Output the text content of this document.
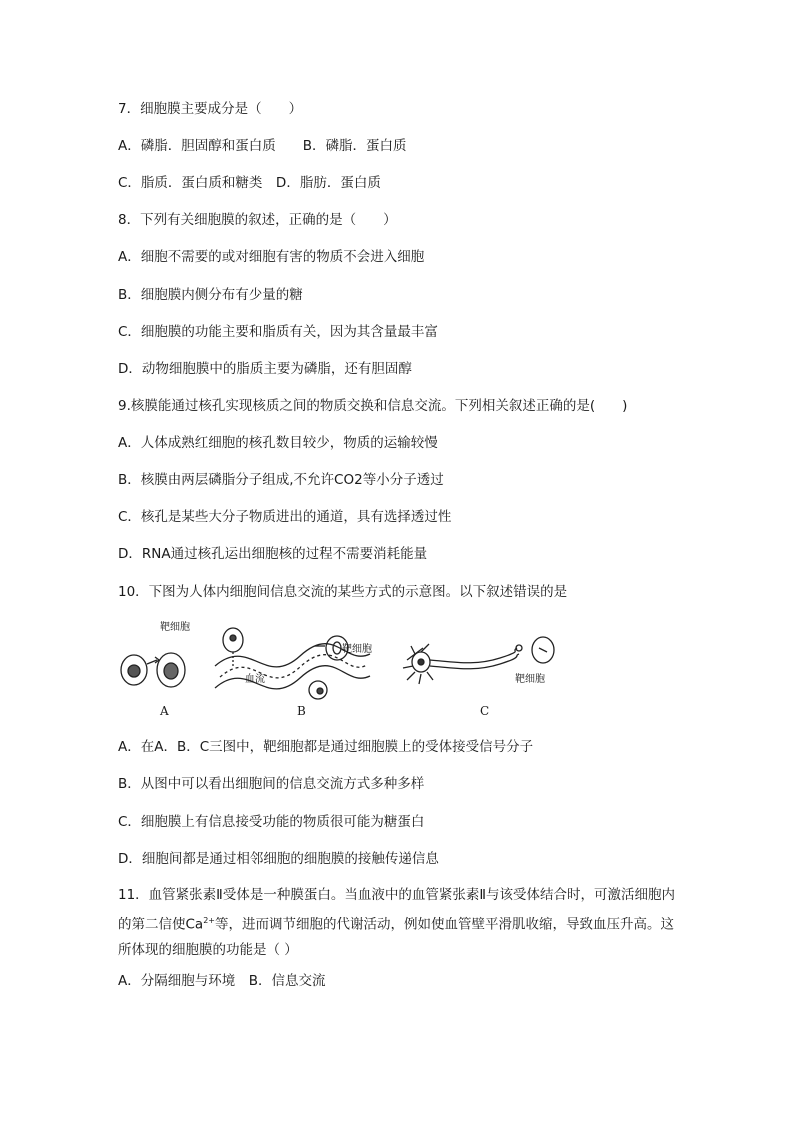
7．细胞膜主要成分是（　　）
A．磷脂．胆固醇和蛋白质　　B．磷脂．蛋白质
C．脂质．蛋白质和糖类　D．脂肪．蛋白质
8．下列有关细胞膜的叙述，正确的是（　　）
A．细胞不需要的或对细胞有害的物质不会进入细胞
B．细胞膜内侧分布有少量的糖
C．细胞膜的功能主要和脂质有关，因为其含量最丰富
D．动物细胞膜中的脂质主要为磷脂，还有胆固醇
9.核膜能通过核孔实现核质之间的物质交换和信息交流。下列相关叙述正确的是(　　)
A．人体成熟红细胞的核孔数目较少，物质的运输较慢
B．核膜由两层磷脂分子组成,不允许CO2等小分子透过
C．核孔是某些大分子物质进出的通道，具有选择透过性
D．RNA通过核孔运出细胞核的过程不需要消耗能量
10．下图为人体内细胞间信息交流的某些方式的示意图。以下叙述错误的是
靶细胞
靶细胞
血流	靶细胞
A	B	C
A．在A．B．C三图中，靶细胞都是通过细胞膜上的受体接受信号分子
B．从图中可以看出细胞间的信息交流方式多种多样
C．细胞膜上有信息接受功能的物质很可能为糖蛋白
D．细胞间都是通过相邻细胞的细胞膜的接触传递信息
11．血管紧张素Ⅱ受体是一种膜蛋白。当血液中的血管紧张素Ⅱ与该受体结合时，可激活细胞内的第二信使$Ca^{2+}$等，进而调节细胞的代谢活动，例如使血管壁平滑肌收缩，导致血压升高。这所体现的细胞膜的功能是（ ）
A．分隔细胞与环境　B．信息交流
